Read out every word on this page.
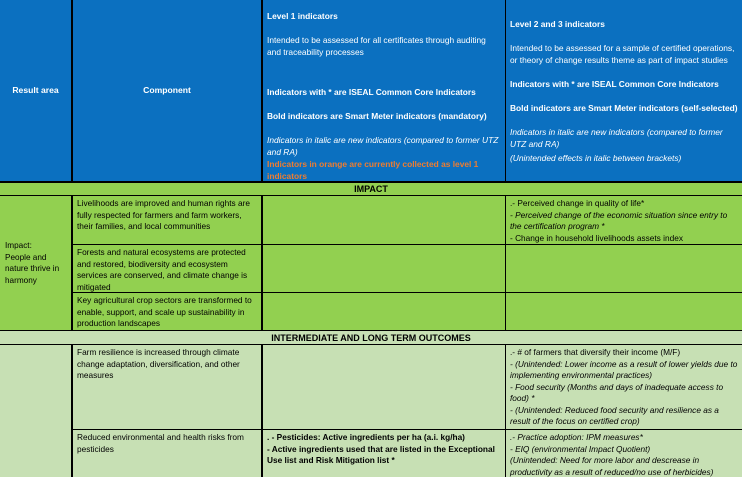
Result area	Component

Level 1 indicators

Intended to be assessed for all certificates through auditing and traceability processes

Indicators with * are ISEAL Common Core Indicators

Bold indicators are Smart Meter indicators (mandatory)

Indicators in italic are new indicators (compared to former UTZ and RA)

Indicators in orange are currently collected as level 1 indicators

Level 2 and 3 indicators

Intended to be assessed for a sample of certified operations, or theory of change results theme as part of impact studies

Indicators with * are ISEAL Common Core Indicators

Bold indicators are Smart Meter indicators (self-selected)

Indicators in italic are new indicators (compared to former UTZ and RA)

(Unintended effects in italic between brackets)

IMPACT

Impact:

People and nature thrive in harmony

Livelihoods are improved and human rights are fully respected for farmers and farm workers, their families, and local communities

.- Perceived change in quality of life*

- Perceived change of the economic situation since entry to the certification program *

- Change in household livelihoods assets index

Forests and natural ecosystems are protected and restored, biodiversity and ecosystem services are conserved, and climate change is mitigated
Key agricultural crop sectors are transformed to enable, support, and scale up sustainability in production landscapes
INTERMEDIATE AND LONG TERM OUTCOMES
Farm resilience is increased through climate change adaptation, diversification, and other measures

.- # of farmers that diversify their income (M/F)

- (Unintended: Lower income as a result of lower yields due to implementing environmental practices)

- Food security (Months and days of inadequate access to food) *

- (Unintended: Reduced food security and resilience as a result of the focus on certified crop)

Reduced environmental and health risks from pesticides

. - Pesticides: Active ingredients per ha (a.i. kg/ha)

- Active ingredients used that are listed in the Exceptional Use list and Risk Mitigation list *

.- Practice adoption: IPM measures*

- EIQ (environmental Impact Quotient)

(Unintended: Need for more labor and descrease in productivity as a result of reduced/no use of herbicides)
